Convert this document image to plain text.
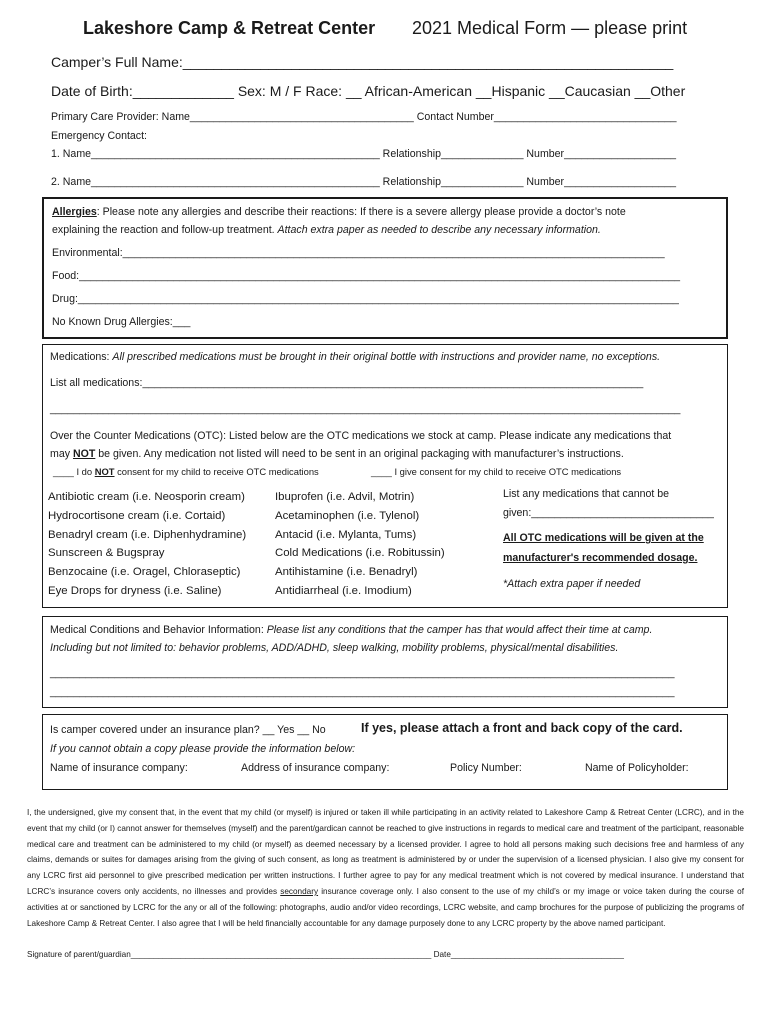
Lakeshore Camp & Retreat Center 2021 Medical Form — please print
Camper’s Full Name:_______________________________________________________________
Date of Birth:_____________ Sex: M / F Race: __ African-American __Hispanic __Caucasian __Other
Primary Care Provider: Name______________________________________ Contact Number_______________________________
Emergency Contact:
1. Name_________________________________________________ Relationship______________ Number___________________
2. Name_________________________________________________ Relationship______________ Number___________________
Allergies: Please note any allergies and describe their reactions: If there is a severe allergy please provide a doctor’s note
explaining the reaction and follow-up treatment. Attach extra paper as needed to describe any necessary information.
Environmental:____________________________________________________________________________________________
Food:______________________________________________________________________________________________________
Drug:______________________________________________________________________________________________________
No Known Drug Allergies:___
Medications: All prescribed medications must be brought in their original bottle with instructions and provider name, no exceptions.
List all medications:_____________________________________________________________________________________
___________________________________________________________________________________________________________
Over the Counter Medications (OTC): Listed below are the OTC medications we stock at camp. Please indicate any medications that
may NOT be given. Any medication not listed will need to be sent in an original packaging with manufacturer’s instructions.
____ I do NOT consent for my child to receive OTC medications	____ I give consent for my child to receive OTC medications
Antibiotic cream (i.e. Neosporin cream)
Hydrocortisone cream (i.e. Cortaid)
Benadryl cream (i.e. Diphenhydramine)
Sunscreen & Bugspray
Benzocaine (i.e. Oragel, Chloraseptic)
Eye Drops for dryness (i.e. Saline)
Ibuprofen (i.e. Advil, Motrin)
Acetaminophen (i.e. Tylenol)
Antacid (i.e. Mylanta, Tums)
Cold Medications (i.e. Robitussin)
Antihistamine (i.e. Benadryl)
Antidiarrheal (i.e. Imodium)
List any medications that cannot be
given:_______________________________
All OTC medications will be given at the
manufacturer's recommended dosage.
*Attach extra paper if needed
Medical Conditions and Behavior Information: Please list any conditions that the camper has that would affect their time at camp.
Including but not limited to: behavior problems, ADD/ADHD, sleep walking, mobility problems, physical/mental disabilities.
__________________________________________________________________________________________________________
__________________________________________________________________________________________________________
Is camper covered under an insurance plan? __ Yes __ No	If yes, please attach a front and back copy of the card.
If you cannot obtain a copy please provide the information below:
Name of insurance company:	Address of insurance company:	Policy Number:	Name of Policyholder:
I, the undersigned, give my consent that, in the event that my child (or myself) is injured or taken ill while participating in an activity related to Lakeshore Camp & Retreat Center (LCRC), and in the event that my child (or I) cannot answer for themselves (myself) and the parent/gardican cannot be reached to give instructions in regards to medical care and treatment of the participant, reasonable medical care and treatment can be administered to my child (or myself) as deemed necessary by a licensed provider. I agree to hold all persons making such decisions free and harmless of any claims, demands or suites for damages arising from the giving of such consent, as long as treatment is administered by or under the supervision of a licensed physician. I also give my consent for any LCRC first aid personnel to give prescribed medication per written instructions. I further agree to pay for any medical treatment which is not covered by medical insurance. I understand that LCRC’s insurance covers only accidents, no illnesses and provides secondary insurance coverage only. I also consent to the use of my child’s or my image or voice taken during the course of activities at or sanctioned by LCRC for the any or all of the following: photographs, audio and/or video recordings, LCRC website, and camp brochures for the purpose of publicizing the programs of Lakeshore Camp & Retreat Center. I also agree that I will be held financially accountable for any damage purposely done to any LCRC property by the above named participant.
Signature of parent/guardian__________________________________________________________________ Date______________________________________
